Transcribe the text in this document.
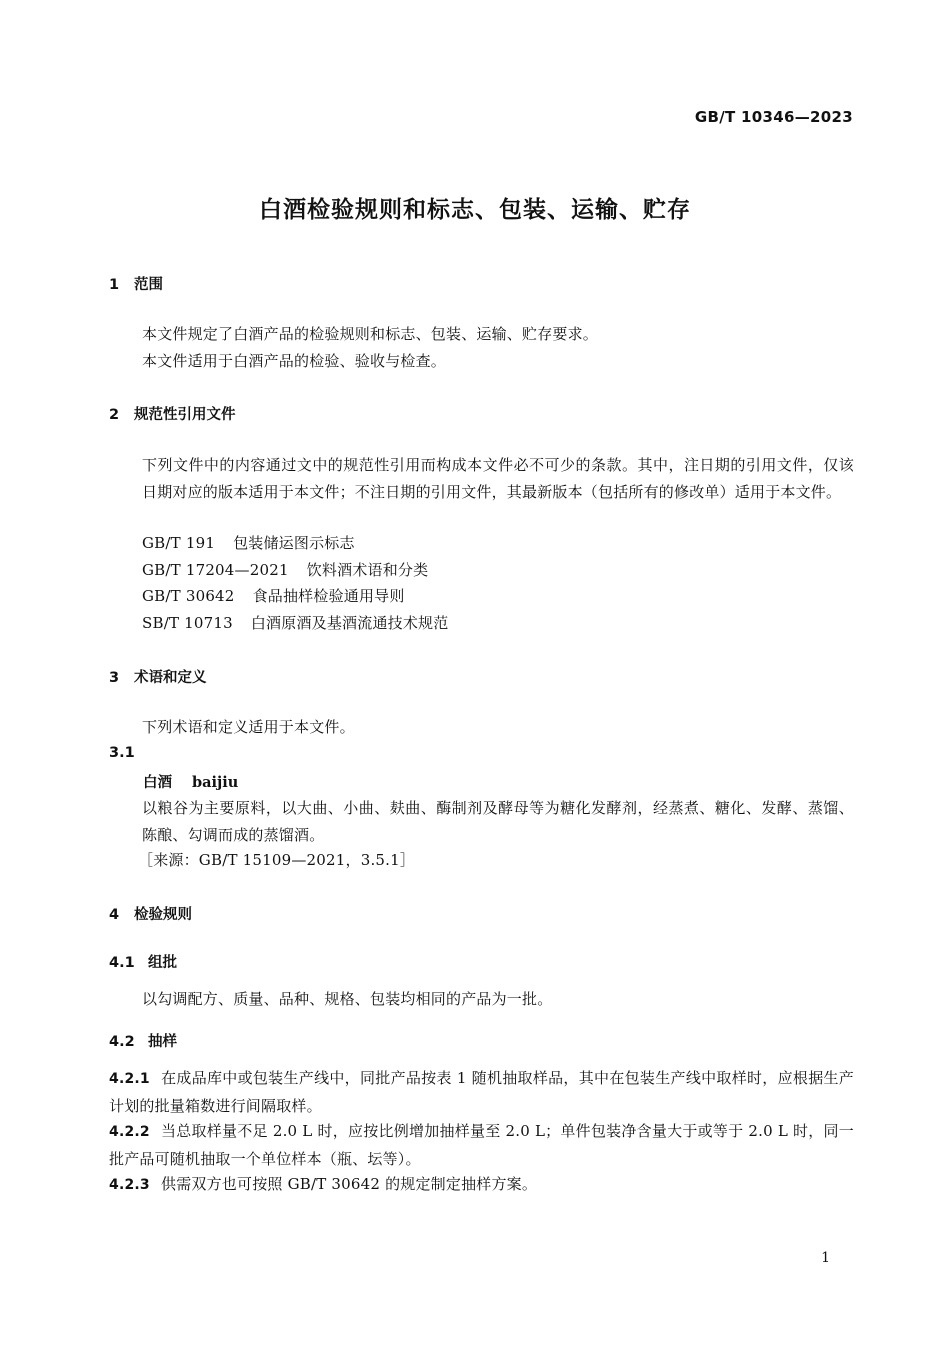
GB/T 10346—2023
白酒检验规则和标志、包装、运输、贮存
1 范围
本文件规定了白酒产品的检验规则和标志、包装、运输、贮存要求。
本文件适用于白酒产品的检验、验收与检查。
2 规范性引用文件
下列文件中的内容通过文中的规范性引用而构成本文件必不可少的条款。其中，注日期的引用文件，仅该日期对应的版本适用于本文件；不注日期的引用文件，其最新版本（包括所有的修改单）适用于本文件。
GB/T 191 包装储运图示标志
GB/T 17204—2021 饮料酒术语和分类
GB/T 30642 食品抽样检验通用导则
SB/T 10713 白酒原酒及基酒流通技术规范
3 术语和定义
下列术语和定义适用于本文件。
3.1
白酒 baijiu
以粮谷为主要原料，以大曲、小曲、麸曲、酶制剂及酵母等为糖化发酵剂，经蒸煮、糖化、发酵、蒸馏、陈酿、勾调而成的蒸馏酒。
［来源：GB/T 15109—2021，3.5.1］
4 检验规则
4.1 组批
以勾调配方、质量、品种、规格、包装均相同的产品为一批。
4.2 抽样
4.2.1 在成品库中或包装生产线中，同批产品按表 1 随机抽取样品，其中在包装生产线中取样时，应根据生产计划的批量箱数进行间隔取样。
4.2.2 当总取样量不足 2.0 L 时，应按比例增加抽样量至 2.0 L；单件包装净含量大于或等于 2.0 L 时，同一批产品可随机抽取一个单位样本（瓶、坛等）。
4.2.3 供需双方也可按照 GB/T 30642 的规定制定抽样方案。
1
